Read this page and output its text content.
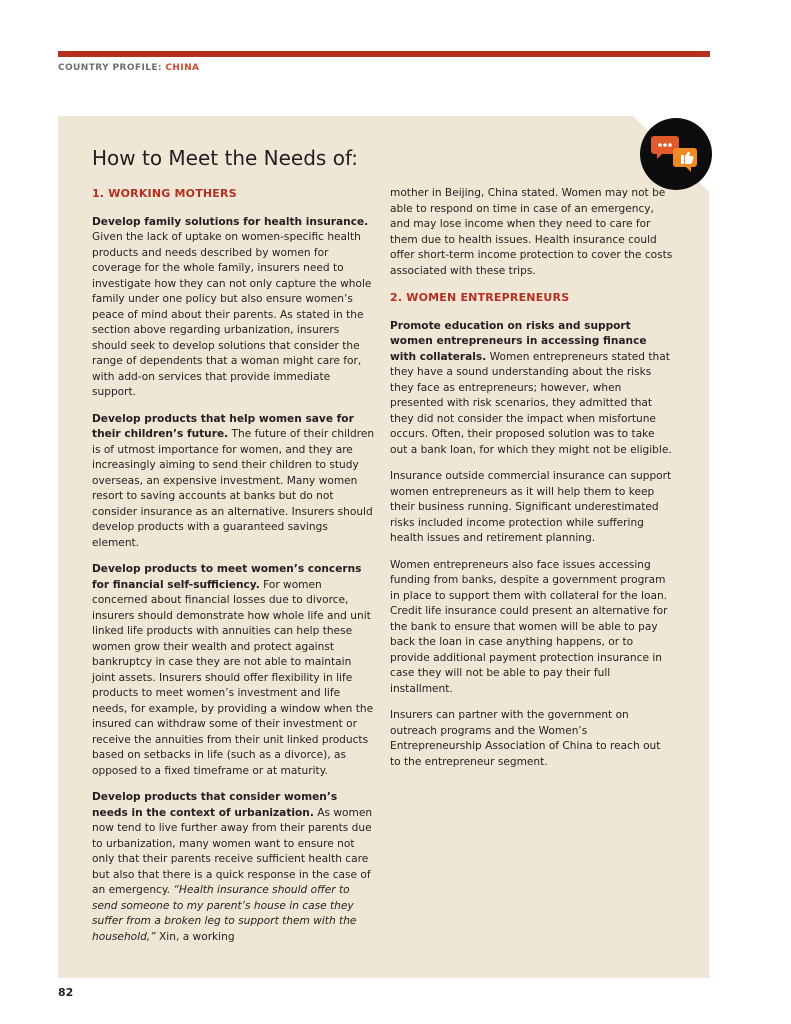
COUNTRY PROFILE: CHINA
How to Meet the Needs of:

1. WORKING MOTHERS

Develop family solutions for health insurance. Given the lack of uptake on women-specific health products and needs described by women for coverage for the whole family, insurers need to investigate how they can not only capture the whole family under one policy but also ensure women’s peace of mind about their parents. As stated in the section above regarding urbanization, insurers should seek to develop solutions that consider the range of dependents that a woman might care for, with add-on services that provide immediate support.

Develop products that help women save for their children’s future. The future of their children is of utmost importance for women, and they are increasingly aiming to send their children to study overseas, an expensive investment. Many women resort to saving accounts at banks but do not consider insurance as an alternative. Insurers should develop products with a guaranteed savings element.

Develop products to meet women’s concerns for financial self-sufficiency. For women concerned about financial losses due to divorce, insurers should demonstrate how whole life and unit linked life products with annuities can help these women grow their wealth and protect against bankruptcy in case they are not able to maintain joint assets. Insurers should offer flexibility in life products to meet women’s investment and life needs, for example, by providing a window when the insured can withdraw some of their investment or receive the annuities from their unit linked products based on setbacks in life (such as a divorce), as opposed to a fixed timeframe or at maturity.

Develop products that consider women’s needs in the context of urbanization. As women now tend to live further away from their parents due to urbanization, many women want to ensure not only that their parents receive sufficient health care but also that there is a quick response in the case of an emergency. “Health insurance should offer to send someone to my parent’s house in case they suffer from a broken leg to support them with the household,” Xin, a working

mother in Beijing, China stated. Women may not be able to respond on time in case of an emergency, and may lose income when they need to care for them due to health issues. Health insurance could offer short-term income protection to cover the costs associated with these trips.

2. WOMEN ENTREPRENEURS

Promote education on risks and support women entrepreneurs in accessing finance with collaterals. Women entrepreneurs stated that they have a sound understanding about the risks they face as entrepreneurs; however, when presented with risk scenarios, they admitted that they did not consider the impact when misfortune occurs. Often, their proposed solution was to take out a bank loan, for which they might not be eligible.

Insurance outside commercial insurance can support women entrepreneurs as it will help them to keep their business running. Significant underestimated risks included income protection while suffering health issues and retirement planning.

Women entrepreneurs also face issues accessing funding from banks, despite a government program in place to support them with collateral for the loan. Credit life insurance could present an alternative for the bank to ensure that women will be able to pay back the loan in case anything happens, or to provide additional payment protection insurance in case they will not be able to pay their full installment.

Insurers can partner with the government on outreach programs and the Women’s Entrepreneurship Association of China to reach out to the entrepreneur segment.

82
